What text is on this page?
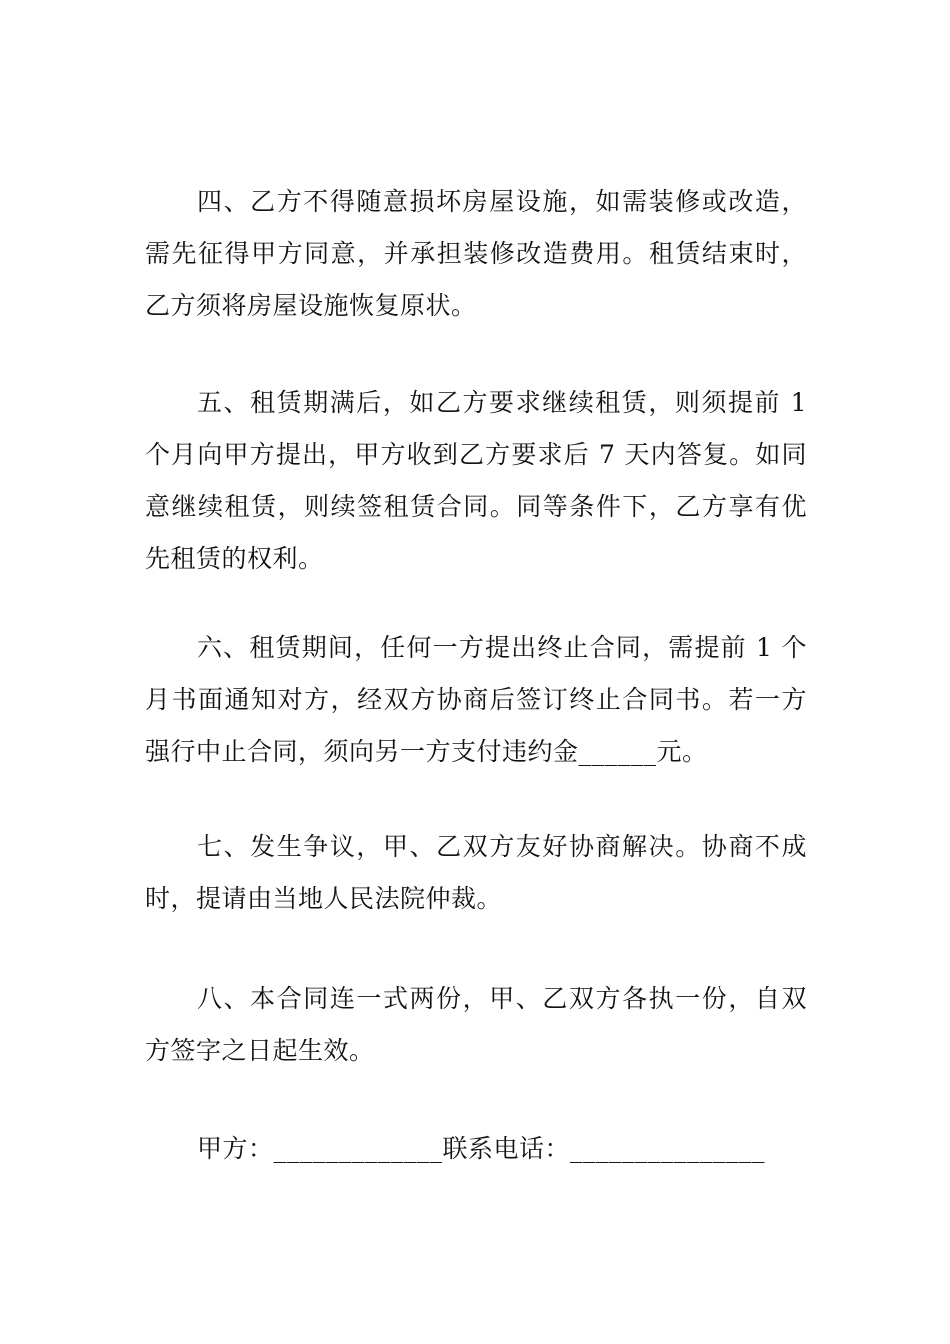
四、乙方不得随意损坏房屋设施，如需装修或改造，需先征得甲方同意，并承担装修改造费用。租赁结束时，乙方须将房屋设施恢复原状。

五、租赁期满后，如乙方要求继续租赁，则须提前 1个月向甲方提出，甲方收到乙方要求后 7 天内答复。如同意继续租赁，则续签租赁合同。同等条件下，乙方享有优先租赁的权利。

六、租赁期间，任何一方提出终止合同，需提前 1 个月书面通知对方，经双方协商后签订终止合同书。若一方强行中止合同，须向另一方支付违约金______元。

七、发生争议，甲、乙双方友好协商解决。协商不成时，提请由当地人民法院仲裁。

八、本合同连一式两份，甲、乙双方各执一份，自双方签字之日起生效。

甲方：_____________联系电话：_______________
